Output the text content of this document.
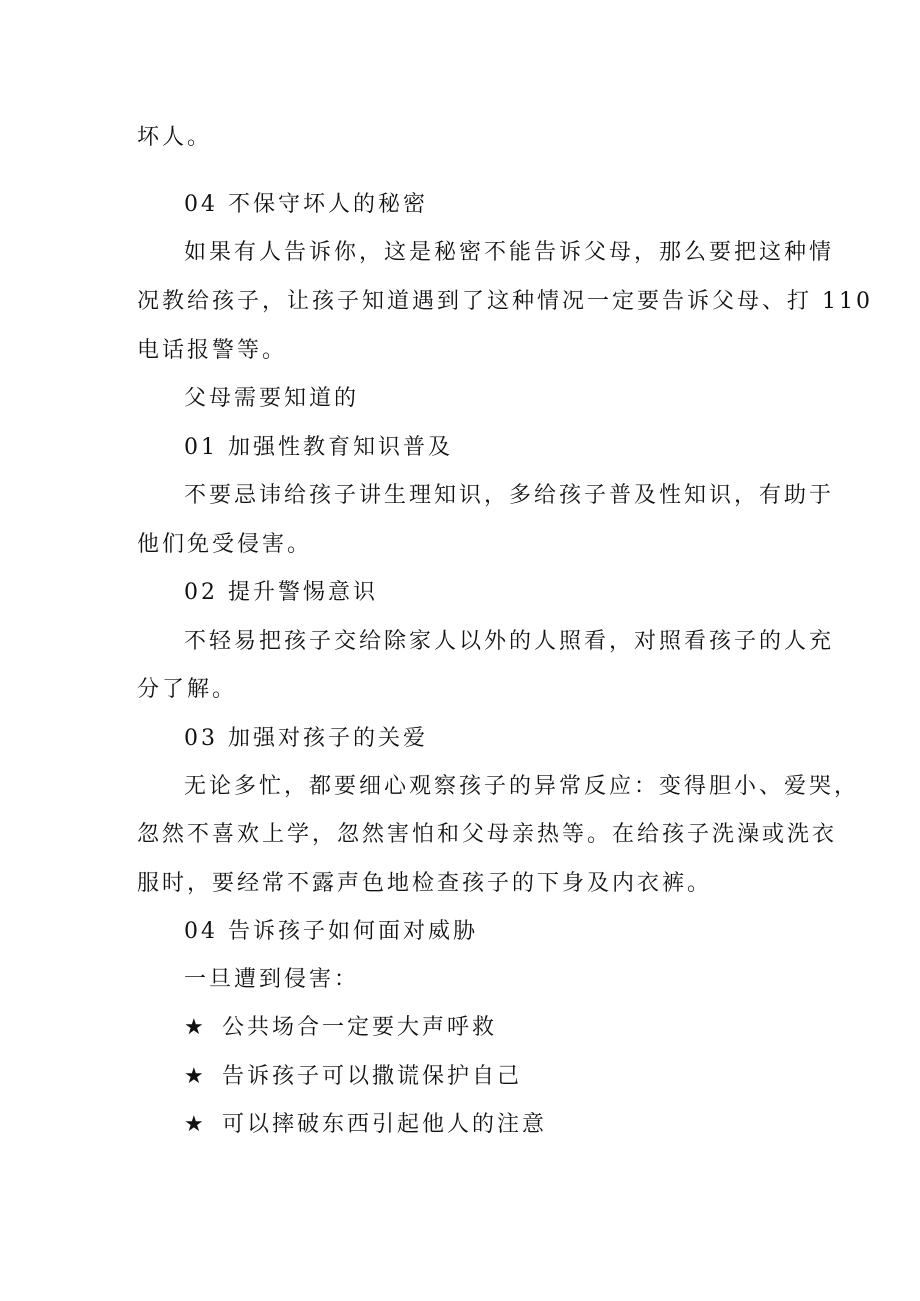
坏人。
04 不保守坏人的秘密
如果有人告诉你，这是秘密不能告诉父母，那么要把这种情
况教给孩子，让孩子知道遇到了这种情况一定要告诉父母、打 110
电话报警等。
父母需要知道的
01 加强性教育知识普及
不要忌讳给孩子讲生理知识，多给孩子普及性知识，有助于
他们免受侵害。
02 提升警惕意识
不轻易把孩子交给除家人以外的人照看，对照看孩子的人充
分了解。
03 加强对孩子的关爱
无论多忙，都要细心观察孩子的异常反应：变得胆小、爱哭，
忽然不喜欢上学，忽然害怕和父母亲热等。在给孩子洗澡或洗衣
服时，要经常不露声色地检查孩子的下身及内衣裤。
04 告诉孩子如何面对威胁
一旦遭到侵害：
★ 公共场合一定要大声呼救
★ 告诉孩子可以撒谎保护自己
★ 可以摔破东西引起他人的注意
